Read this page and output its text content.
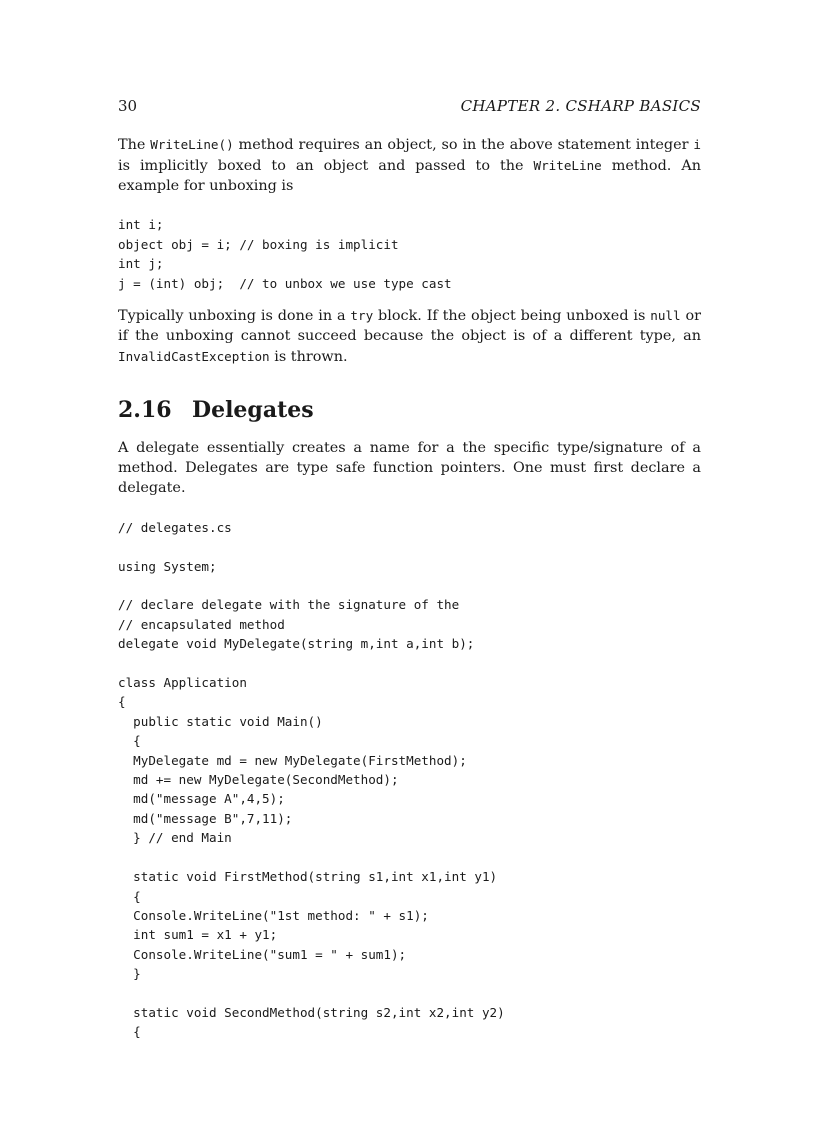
30	CHAPTER 2. CSHARP BASICS

The WriteLine() method requires an object, so in the above statement integer i is implicitly boxed to an object and passed to the WriteLine method. An example for unboxing is

int i;
object obj = i; // boxing is implicit
int j;
j = (int) obj;  // to unbox we use type cast

Typically unboxing is done in a try block. If the object being unboxed is null or if the unboxing cannot succeed because the object is of a different type, an InvalidCastException is thrown.

2.16 Delegates

A delegate essentially creates a name for a the specific type/signature of a method. Delegates are type safe function pointers. One must first declare a delegate.

// delegates.cs

using System;

// declare delegate with the signature of the
// encapsulated method
delegate void MyDelegate(string m,int a,int b);

class Application
{
public static void Main()
{
MyDelegate md = new MyDelegate(FirstMethod);
md += new MyDelegate(SecondMethod);
md("message A",4,5);
md("message B",7,11);
} // end Main

static void FirstMethod(string s1,int x1,int y1)
{
Console.WriteLine("1st method: " + s1);
int sum1 = x1 + y1;
Console.WriteLine("sum1 = " + sum1);
}

static void SecondMethod(string s2,int x2,int y2)
{
